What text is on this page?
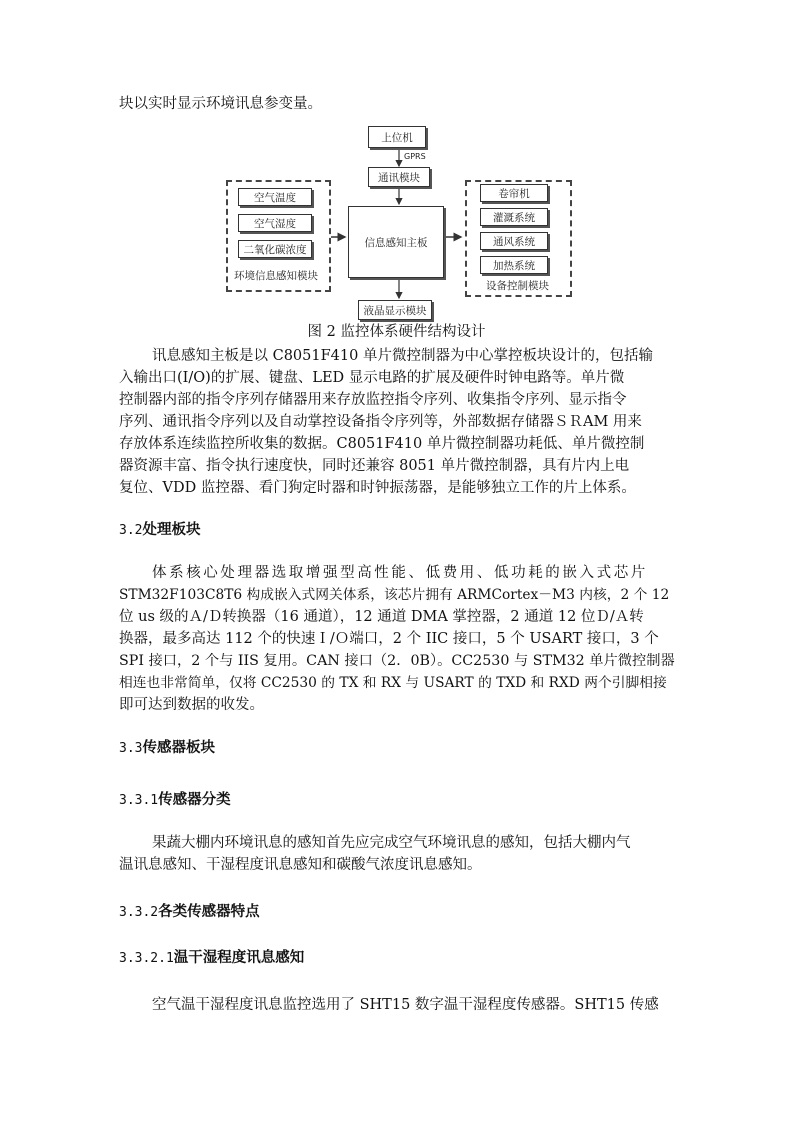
块以实时显示环境讯息参变量。
上位机
GPRS
通讯模块
信息感知主板
液晶显示模块
空气温度
空气湿度
二氧化碳浓度
环境信息感知模块
卷帘机
灌溉系统
通风系统
加热系统
设备控制模块
图 2 监控体系硬件结构设计
讯息感知主板是以 C8051F410 单片微控制器为中心掌控板块设计的，包括输
入输出口(I/O)的扩展、键盘、LED 显示电路的扩展及硬件时钟电路等。单片微
控制器内部的指令序列存储器用来存放监控指令序列、收集指令序列、显示指令
序列、通讯指令序列以及自动掌控设备指令序列等，外部数据存储器ＳＲAM 用来
存放体系连续监控所收集的数据。C8051F410 单片微控制器功耗低、单片微控制
器资源丰富、指令执行速度快，同时还兼容 8051 单片微控制器，具有片内上电
复位、VDD 监控器、看门狗定时器和时钟振荡器，是能够独立工作的片上体系。
3.2处理板块
体系核心处理器选取增强型高性能、低费用、低功耗的嵌入式芯片
STM32F103C8T6 构成嵌入式网关体系，该芯片拥有 ARMCortex－M3 内核，2 个 12
位 us 级的Ａ/Ｄ转换器（16 通道），12 通道 DMA 掌控器，2 通道 12 位Ｄ/Ａ转
换器，最多高达 112 个的快速Ｉ/Ｏ端口，2 个 IIC 接口，5 个 USART 接口，3 个
SPI 接口，2 个与 IIS 复用。CAN 接口（2．0B）。CC2530 与 STM32 单片微控制器
相连也非常简单，仅将 CC2530 的 TX 和 RX 与 USART 的 TXD 和 RXD 两个引脚相接
即可达到数据的收发。
3.3传感器板块
3.3.1传感器分类
果蔬大棚内环境讯息的感知首先应完成空气环境讯息的感知，包括大棚内气
温讯息感知、干湿程度讯息感知和碳酸气浓度讯息感知。
3.3.2各类传感器特点
3.3.2.1温干湿程度讯息感知
空气温干湿程度讯息监控选用了 SHT15 数字温干湿程度传感器。SHT15 传感
